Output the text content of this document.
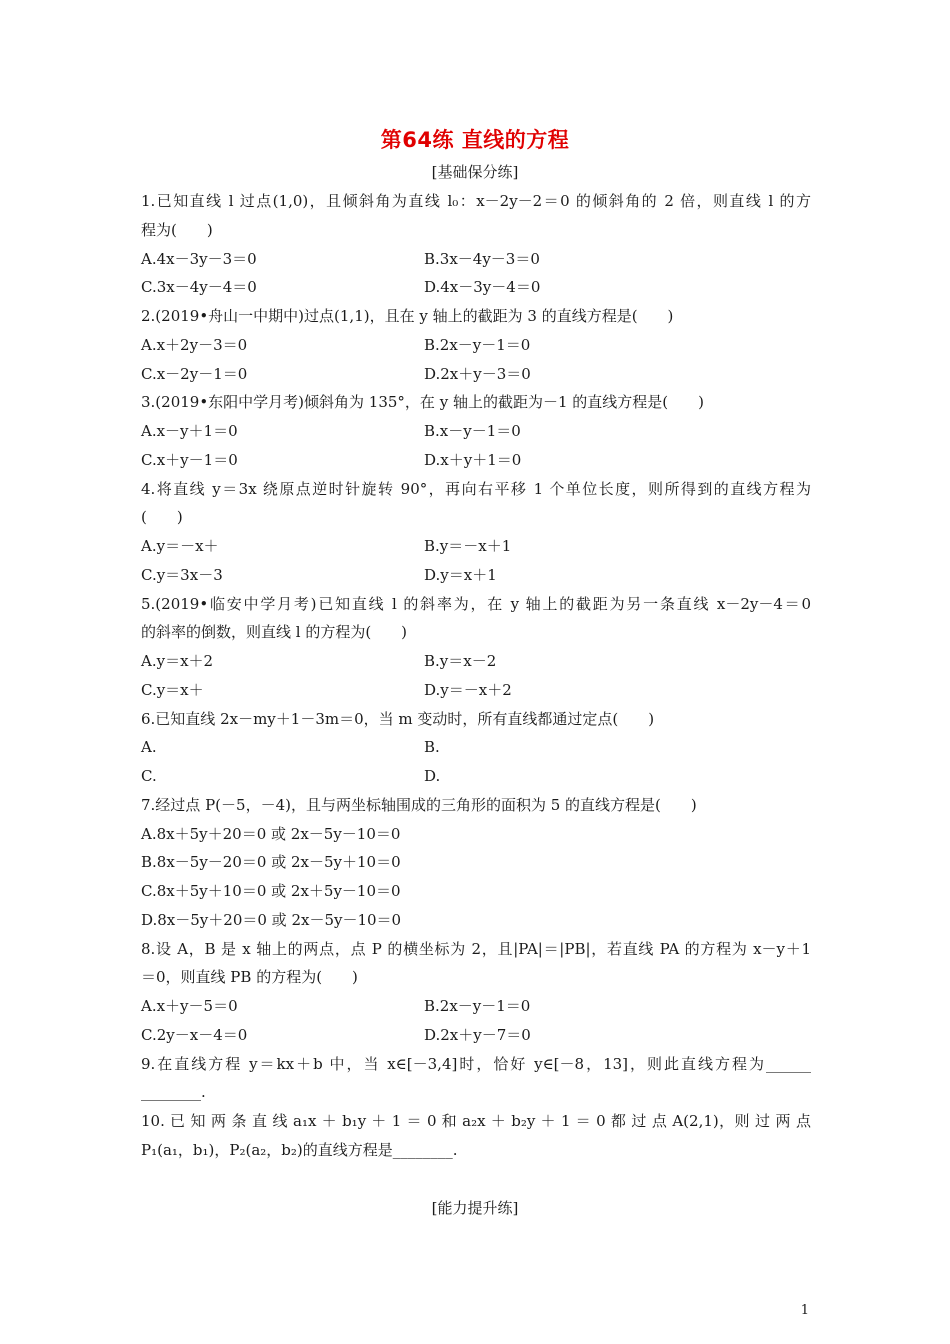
第64练 直线的方程
[基础保分练]
1.已知直线 l 过点(1,0)，且倾斜角为直线 l₀：x－2y－2＝0 的倾斜角的 2 倍，则直线 l 的方
程为(　　)
A.4x－3y－3＝0	B.3x－4y－3＝0
C.3x－4y－4＝0	D.4x－3y－4＝0
2.(2019•舟山一中期中)过点(1,1)，且在 y 轴上的截距为 3 的直线方程是(　　)
A.x＋2y－3＝0	B.2x－y－1＝0
C.x－2y－1＝0	D.2x＋y－3＝0
3.(2019•东阳中学月考)倾斜角为 135°，在 y 轴上的截距为－1 的直线方程是(　　)
A.x－y＋1＝0	B.x－y－1＝0
C.x＋y－1＝0	D.x＋y＋1＝0
4.将直线 y＝3x 绕原点逆时针旋转 90°，再向右平移 1 个单位长度，则所得到的直线方程为
(　　)
A.y＝－x＋	B.y＝－x＋1
C.y＝3x－3	D.y＝x＋1
5.(2019•临安中学月考)已知直线 l 的斜率为，在 y 轴上的截距为另一条直线 x－2y－4＝0
的斜率的倒数，则直线 l 的方程为(　　)
A.y＝x＋2	B.y＝x－2
C.y＝x＋	D.y＝－x＋2
6.已知直线 2x－my＋1－3m＝0，当 m 变动时，所有直线都通过定点(　　)
A.	B.
C.	D.
7.经过点 P(－5，－4)，且与两坐标轴围成的三角形的面积为 5 的直线方程是(　　)
A.8x＋5y＋20＝0 或 2x－5y－10＝0
B.8x－5y－20＝0 或 2x－5y＋10＝0
C.8x＋5y＋10＝0 或 2x＋5y－10＝0
D.8x－5y＋20＝0 或 2x－5y－10＝0
8.设 A，B 是 x 轴上的两点，点 P 的横坐标为 2，且|PA|＝|PB|，若直线 PA 的方程为 x－y＋1
＝0，则直线 PB 的方程为(　　)
A.x＋y－5＝0	B.2x－y－1＝0
C.2y－x－4＝0	D.2x＋y－7＝0
9.在直线方程 y＝kx＋b 中，当 x∈[－3,4]时，恰好 y∈[－8，13]，则此直线方程为______
________.
10. 已 知 两 条 直 线 a₁x ＋ b₁y ＋ 1 ＝ 0 和 a₂x ＋ b₂y ＋ 1 ＝ 0 都 过 点 A(2,1)，则 过 两 点
P₁(a₁，b₁)，P₂(a₂，b₂)的直线方程是________.
[能力提升练]
1
